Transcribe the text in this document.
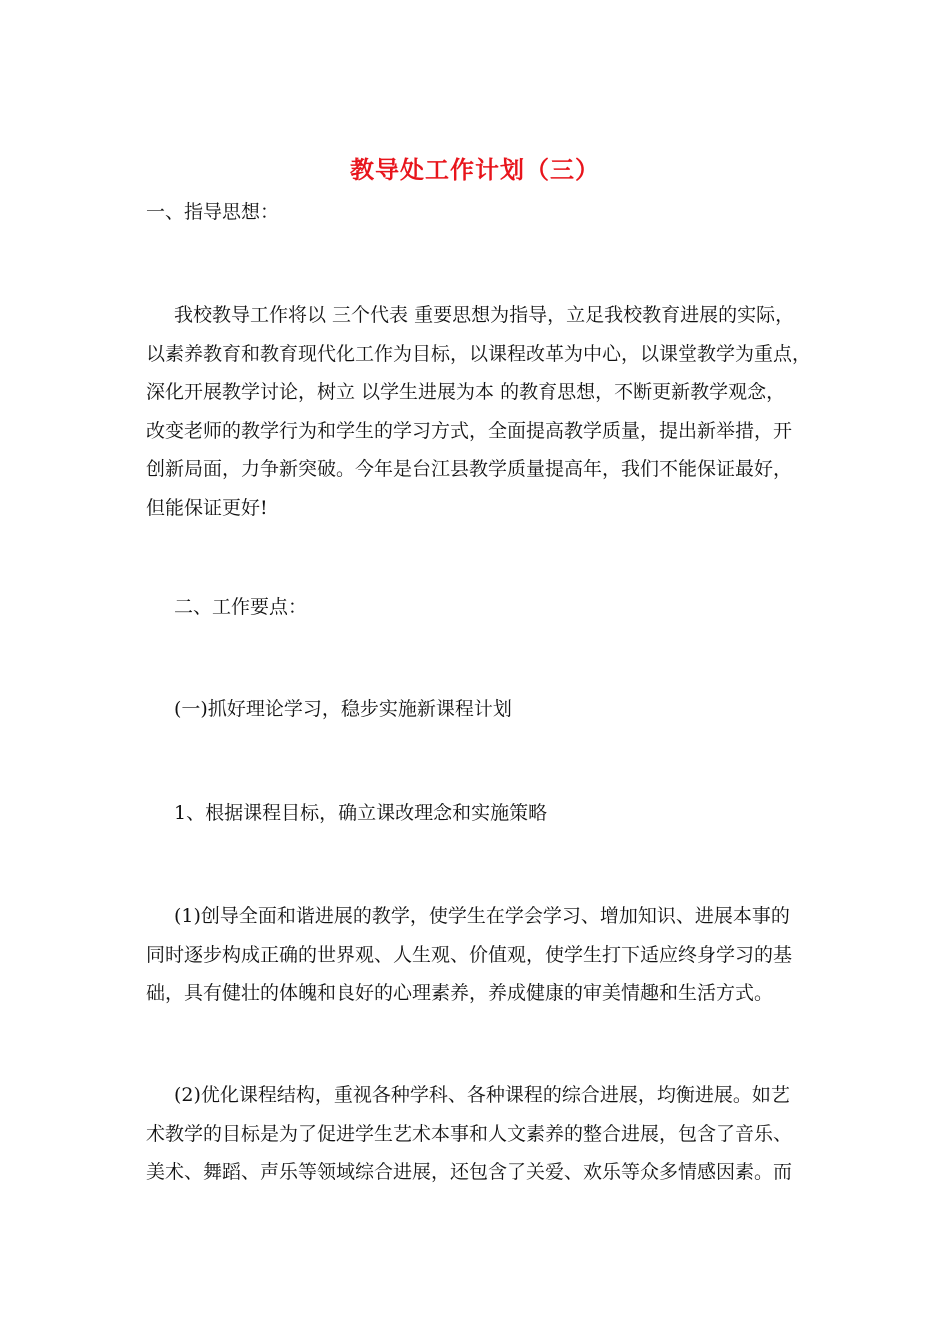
教导处工作计划（三）
一、指导思想：
我校教导工作将以 三个代表 重要思想为指导，立足我校教育进展的实际，
以素养教育和教育现代化工作为目标，以课程改革为中心，以课堂教学为重点，
深化开展教学讨论，树立 以学生进展为本 的教育思想，不断更新教学观念，
改变老师的教学行为和学生的学习方式，全面提高教学质量，提出新举措，开
创新局面，力争新突破。今年是台江县教学质量提高年，我们不能保证最好，
但能保证更好!
二、工作要点：
(一)抓好理论学习，稳步实施新课程计划
1、根据课程目标，确立课改理念和实施策略
(1)创导全面和谐进展的教学，使学生在学会学习、增加知识、进展本事的
同时逐步构成正确的世界观、人生观、价值观，使学生打下适应终身学习的基
础，具有健壮的体魄和良好的心理素养，养成健康的审美情趣和生活方式。
(2)优化课程结构，重视各种学科、各种课程的综合进展，均衡进展。如艺
术教学的目标是为了促进学生艺术本事和人文素养的整合进展，包含了音乐、
美术、舞蹈、声乐等领域综合进展，还包含了关爱、欢乐等众多情感因素。而
